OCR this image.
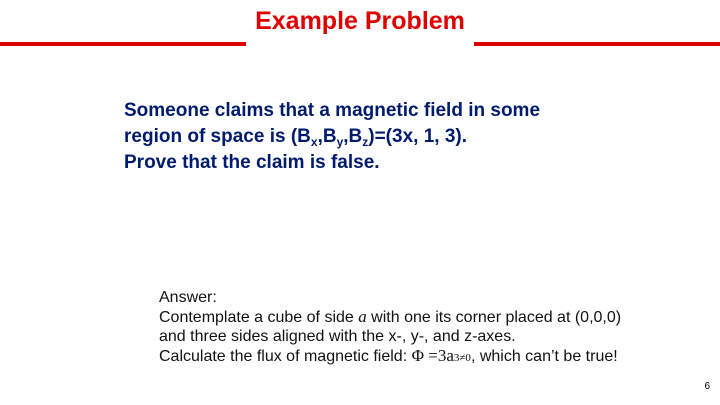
Example Problem
Someone claims that a magnetic field in some
region of space is $(B_x,B_y,B_z)=(3x$, 1, 3).
Prove that the claim is false.
Answer:
Contemplate a cube of side a with one its corner placed at (0,0,0)
and three sides aligned with the x-, y-, and z-axes.
Calculate the flux of magnetic field: Φ =3a3≠0, which can’t be true!
6
